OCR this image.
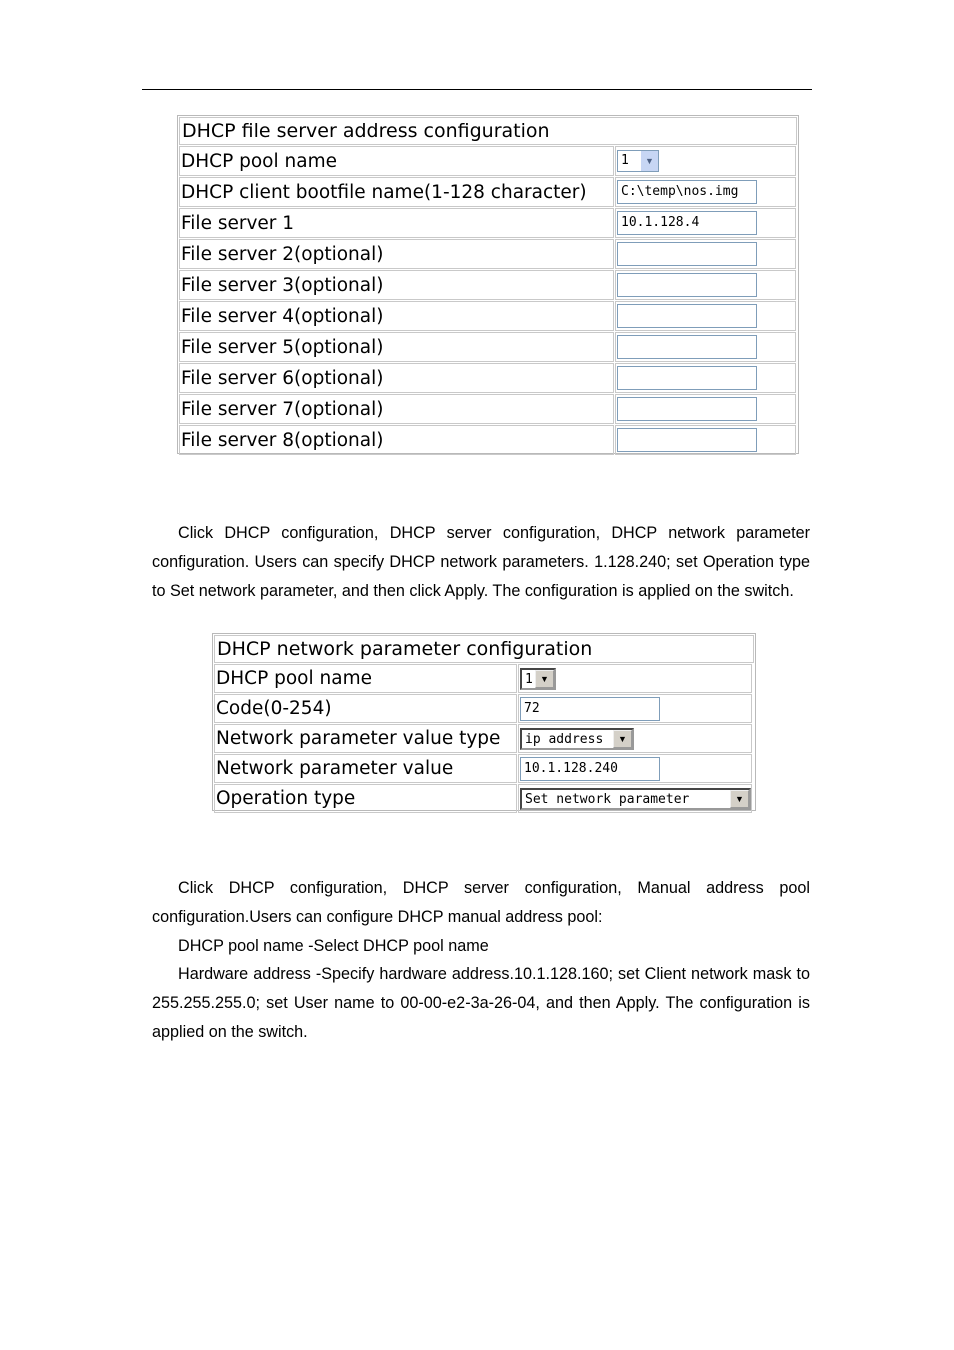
DHCP file server address configuration
DHCP pool name	1	▼
DHCP client bootfile name(1-128 character)	C:\temp\nos.img
File server 1	10.1.128.4
File server 2(optional)
File server 3(optional)
File server 4(optional)
File server 5(optional)
File server 6(optional)
File server 7(optional)
File server 8(optional)

Click DHCP configuration, DHCP server configuration, DHCP network parameter configuration. Users can specify DHCP network parameters. 1.128.240; set Operation type to Set network parameter, and then click Apply. The configuration is applied on the switch.

DHCP network parameter configuration
DHCP pool name	1 ▼
Code(0-254)	72
Network parameter value type	ip address	▼
Network parameter value	10.1.128.240
Operation type	Set network parameter	▼

Click DHCP configuration, DHCP server configuration, Manual address pool configuration.Users can configure DHCP manual address pool:

DHCP pool name -Select DHCP pool name

Hardware address -Specify hardware address.10.1.128.160; set Client network mask to 255.255.255.0; set User name to 00-00-e2-3a-26-04, and then Apply. The configuration is applied on the switch.
